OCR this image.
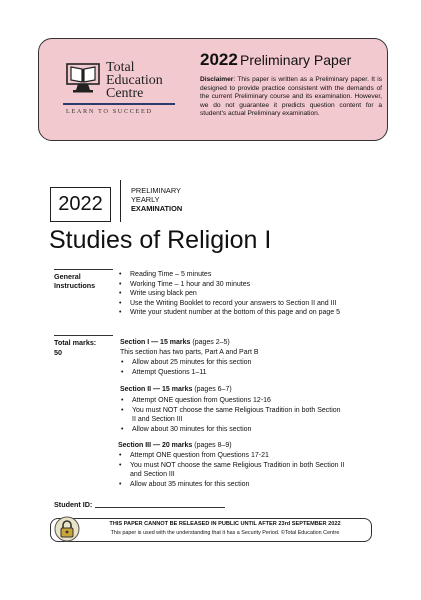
Total
Education
Centre
LEARN TO SUCCEED
2022 Preliminary Paper
Disclaimer: This paper is written as a Preliminary paper. It is designed to provide practice consistent with the demands of the current Preliminary course and its examination. However, we do not guarantee it predicts question content for a student's actual Preliminary examination.
2022
PRELIMINARY
YEARLY
EXAMINATION
Studies of Religion I
General
Instructions
• Reading Time – 5 minutes
• Working Time – 1 hour and 30 minutes
• Write using black pen
• Use the Writing Booklet to record your answers to Section II and III
• Write your student number at the bottom of this page and on page 5
Total marks:
50
Section I — 15 marks (pages 2–5)
This section has two parts, Part A and Part B
• Allow about 25 minutes for this section
• Attempt Questions 1–11
Section II — 15 marks (pages 6–7)
• Attempt ONE question from Questions 12-16
• You must NOT choose the same Religious Tradition in both Section II and Section III
• Allow about 30 minutes for this section
Section III — 20 marks (pages 8–9)
• Attempt ONE question from Questions 17-21
• You must NOT choose the same Religious Tradition in both Section II and Section III
• Allow about 35 minutes for this section
Student ID:
THIS PAPER CANNOT BE RELEASED IN PUBLIC UNTIL AFTER 23rd SEPTEMBER 2022
This paper is used with the understanding that it has a Security Period. ©Total Education Centre
